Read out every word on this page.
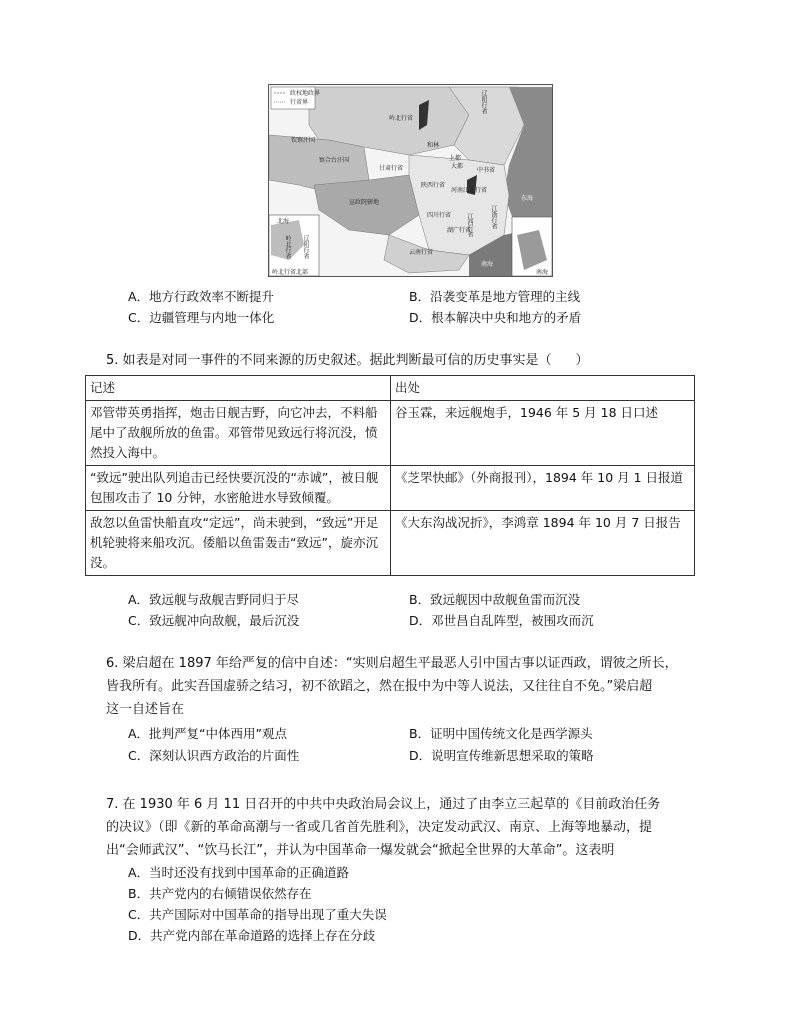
政权地政界
行省界
岭北行省
辽阳行省
钦察汗国
察合台汗国
甘肃行省
陕西行省
河南江北行省
宣政院辖地
四川行省
湖广行省
江西行省	江浙行省
云南行省
中书省
上都
大都
和林
东海
南海
北海
辽阳行省
岭北行省
岭北行省北部	南海
A．地方行政效率不断提升	B．沿袭变革是地方管理的主线
C．边疆管理与内地一体化	D．根本解决中央和地方的矛盾
5. 如表是对同一事件的不同来源的历史叙述。据此判断最可信的历史事实是（ ）
记述	出处
邓管带英勇指挥，炮击日舰吉野，向它冲去，不料船尾中了敌舰所放的鱼雷。邓管带见致远行将沉没，愤然投入海中。	谷玉霖，来远舰炮手，1946 年 5 月 18 日口述
“致远”驶出队列追击已经快要沉没的“赤诚”，被日舰包围攻击了 10 分钟，水密舱进水导致倾覆。	《芝罘快邮》（外商报刊），1894 年 10 月 1 日报道
敌忽以鱼雷快船直攻“定远”，尚未驶到，“致远”开足机轮驶将来船攻沉。倭船以鱼雷轰击“致远”，旋亦沉没。	《大东沟战况折》，李鸿章 1894 年 10 月 7 日报告
A．致远舰与敌舰吉野同归于尽	B．致远舰因中敌舰鱼雷而沉没
C．致远舰冲向敌舰，最后沉没	D．邓世昌自乱阵型，被围攻而沉

6. 梁启超在 1897 年给严复的信中自述：“实则启超生平最恶人引中国古事以证西政，谓彼之所长，

皆我所有。此实吾国虚骄之结习，初不欲蹈之，然在报中为中等人说法，又往往自不免。”梁启超

这一自述旨在

A．批判严复“中体西用”观点	B．证明中国传统文化是西学源头
C．深刻认识西方政治的片面性	D．说明宣传维新思想采取的策略

7. 在 1930 年 6 月 11 日召开的中共中央政治局会议上，通过了由李立三起草的《目前政治任务

的决议》（即《新的革命高潮与一省或几省首先胜利》，决定发动武汉、南京、上海等地暴动，提

出“会师武汉”、“饮马长江”，并认为中国革命一爆发就会“掀起全世界的大革命”。这表明

A．当时还没有找到中国革命的正确道路
B．共产党内的右倾错误依然存在
C．共产国际对中国革命的指导出现了重大失误
D．共产党内部在革命道路的选择上存在分歧
